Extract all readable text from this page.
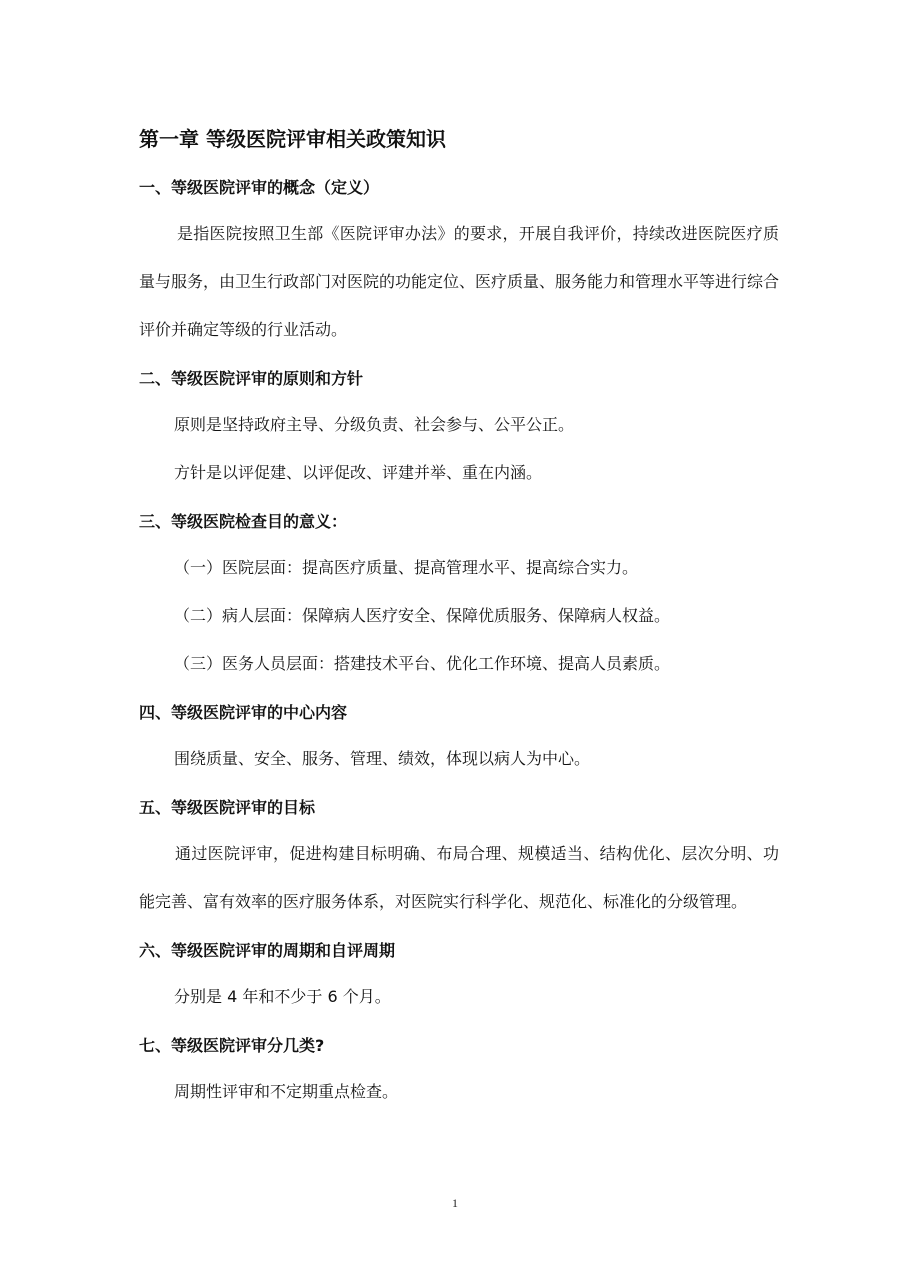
第一章 等级医院评审相关政策知识
一、等级医院评审的概念（定义）
是指医院按照卫生部《医院评审办法》的要求，开展自我评价，持续改进医院医疗质量与服务，由卫生行政部门对医院的功能定位、医疗质量、服务能力和管理水平等进行综合评价并确定等级的行业活动。
二、等级医院评审的原则和方针
原则是坚持政府主导、分级负责、社会参与、公平公正。
方针是以评促建、以评促改、评建并举、重在内涵。
三、等级医院检查目的意义：
（一）医院层面：提高医疗质量、提高管理水平、提高综合实力。
（二）病人层面：保障病人医疗安全、保障优质服务、保障病人权益。
（三）医务人员层面：搭建技术平台、优化工作环境、提高人员素质。
四、等级医院评审的中心内容
围绕质量、安全、服务、管理、绩效，体现以病人为中心。
五、等级医院评审的目标
通过医院评审，促进构建目标明确、布局合理、规模适当、结构优化、层次分明、功能完善、富有效率的医疗服务体系，对医院实行科学化、规范化、标准化的分级管理。
六、等级医院评审的周期和自评周期
分别是 4 年和不少于 6 个月。
七、等级医院评审分几类?
周期性评审和不定期重点检查。
1
